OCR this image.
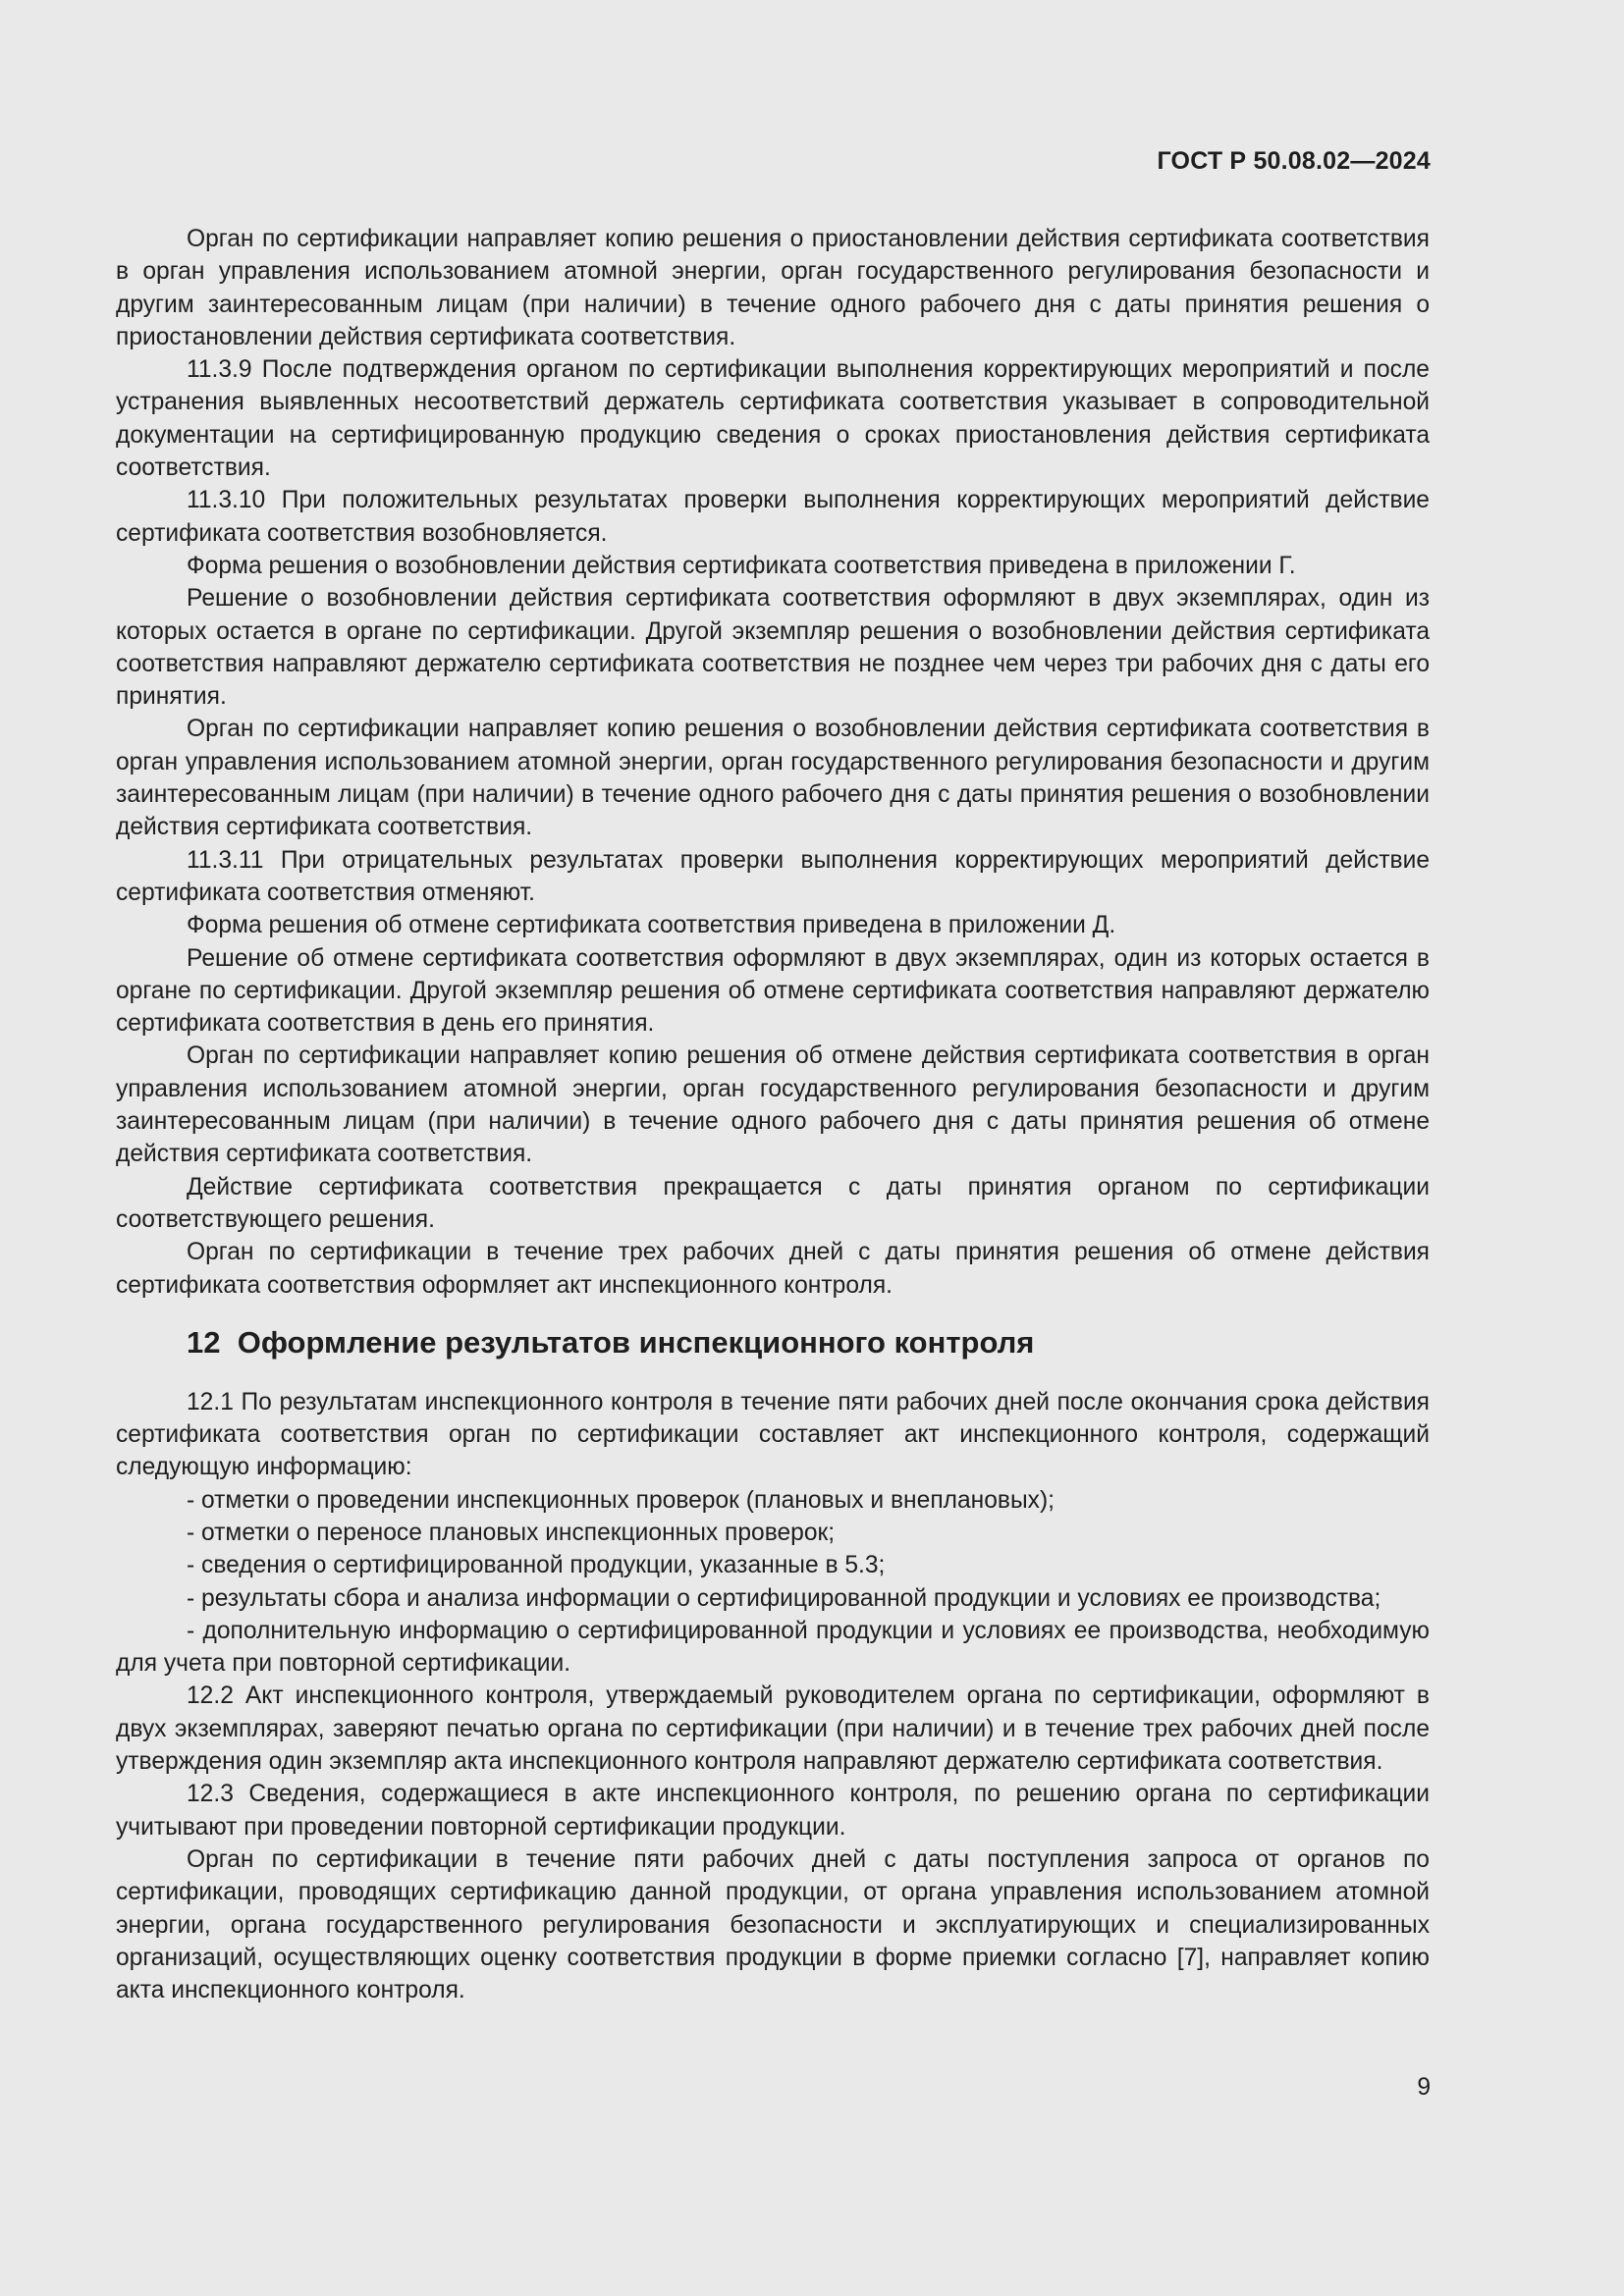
ГОСТ Р 50.08.02—2024

Орган по сертификации направляет копию решения о приостановлении действия сертификата соответствия в орган управления использованием атомной энергии, орган государственного регулирования безопасности и другим заинтересованным лицам (при наличии) в течение одного рабочего дня с даты принятия решения о приостановлении действия сертификата соответствия.

11.3.9 После подтверждения органом по сертификации выполнения корректирующих мероприятий и после устранения выявленных несоответствий держатель сертификата соответствия указывает в сопроводительной документации на сертифицированную продукцию сведения о сроках приостановления действия сертификата соответствия.

11.3.10 При положительных результатах проверки выполнения корректирующих мероприятий действие сертификата соответствия возобновляется.

Форма решения о возобновлении действия сертификата соответствия приведена в приложении Г.

Решение о возобновлении действия сертификата соответствия оформляют в двух экземплярах, один из которых остается в органе по сертификации. Другой экземпляр решения о возобновлении действия сертификата соответствия направляют держателю сертификата соответствия не позднее чем через три рабочих дня с даты его принятия.

Орган по сертификации направляет копию решения о возобновлении действия сертификата соответствия в орган управления использованием атомной энергии, орган государственного регулирования безопасности и другим заинтересованным лицам (при наличии) в течение одного рабочего дня с даты принятия решения о возобновлении действия сертификата соответствия.

11.3.11 При отрицательных результатах проверки выполнения корректирующих мероприятий действие сертификата соответствия отменяют.

Форма решения об отмене сертификата соответствия приведена в приложении Д.

Решение об отмене сертификата соответствия оформляют в двух экземплярах, один из которых остается в органе по сертификации. Другой экземпляр решения об отмене сертификата соответствия направляют держателю сертификата соответствия в день его принятия.

Орган по сертификации направляет копию решения об отмене действия сертификата соответствия в орган управления использованием атомной энергии, орган государственного регулирования безопасности и другим заинтересованным лицам (при наличии) в течение одного рабочего дня с даты принятия решения об отмене действия сертификата соответствия.

Действие сертификата соответствия прекращается с даты принятия органом по сертификации соответствующего решения.

Орган по сертификации в течение трех рабочих дней с даты принятия решения об отмене действия сертификата соответствия оформляет акт инспекционного контроля.

12 Оформление результатов инспекционного контроля

12.1 По результатам инспекционного контроля в течение пяти рабочих дней после окончания срока действия сертификата соответствия орган по сертификации составляет акт инспекционного контроля, содержащий следующую информацию:

- отметки о проведении инспекционных проверок (плановых и внеплановых);

- отметки о переносе плановых инспекционных проверок;

- сведения о сертифицированной продукции, указанные в 5.3;

- результаты сбора и анализа информации о сертифицированной продукции и условиях ее производства;

- дополнительную информацию о сертифицированной продукции и условиях ее производства, необходимую для учета при повторной сертификации.

12.2 Акт инспекционного контроля, утверждаемый руководителем органа по сертификации, оформляют в двух экземплярах, заверяют печатью органа по сертификации (при наличии) и в течение трех рабочих дней после утверждения один экземпляр акта инспекционного контроля направляют держателю сертификата соответствия.

12.3 Сведения, содержащиеся в акте инспекционного контроля, по решению органа по сертификации учитывают при проведении повторной сертификации продукции.

Орган по сертификации в течение пяти рабочих дней с даты поступления запроса от органов по сертификации, проводящих сертификацию данной продукции, от органа управления использованием атомной энергии, органа государственного регулирования безопасности и эксплуатирующих и специализированных организаций, осуществляющих оценку соответствия продукции в форме приемки согласно [7], направляет копию акта инспекционного контроля.

9
